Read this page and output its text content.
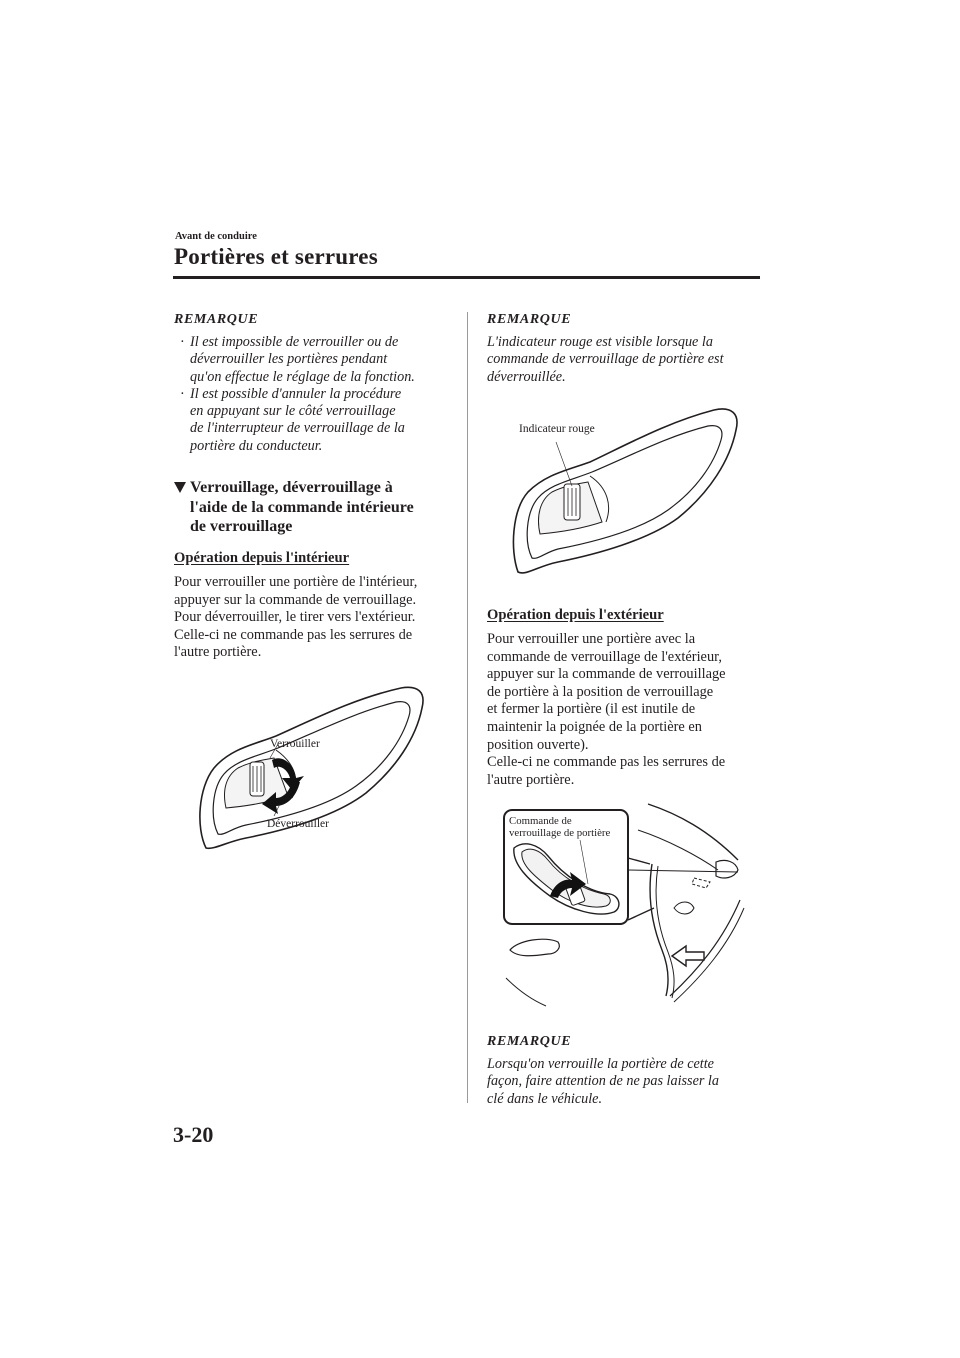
Avant de conduire
Portières et serrures
REMARQUE
· Il est impossible de verrouiller ou de
déverrouiller les portières pendant
qu'on effectue le réglage de la fonction.
· Il est possible d'annuler la procédure
en appuyant sur le côté verrouillage
de l'interrupteur de verrouillage de la
portière du conducteur.
Verrouillage, déverrouillage à
l'aide de la commande intérieure
de verrouillage
Opération depuis l'intérieur
Pour verrouiller une portière de l'intérieur,
appuyer sur la commande de verrouillage.
Pour déverrouiller, le tirer vers l'extérieur.
Celle-ci ne commande pas les serrures de
l'autre portière.
Verrouiller
Déverrouiller
REMARQUE
L'indicateur rouge est visible lorsque la
commande de verrouillage de portière est
déverrouillée.
Indicateur rouge
Opération depuis l'extérieur
Pour verrouiller une portière avec la
commande de verrouillage de l'extérieur,
appuyer sur la commande de verrouillage
de portière à la position de verrouillage
et fermer la portière (il est inutile de
maintenir la poignée de la portière en
position ouverte).
Celle-ci ne commande pas les serrures de
l'autre portière.
Commande de
verrouillage de portière
REMARQUE
Lorsqu'on verrouille la portière de cette
façon, faire attention de ne pas laisser la
clé dans le véhicule.
3-20
